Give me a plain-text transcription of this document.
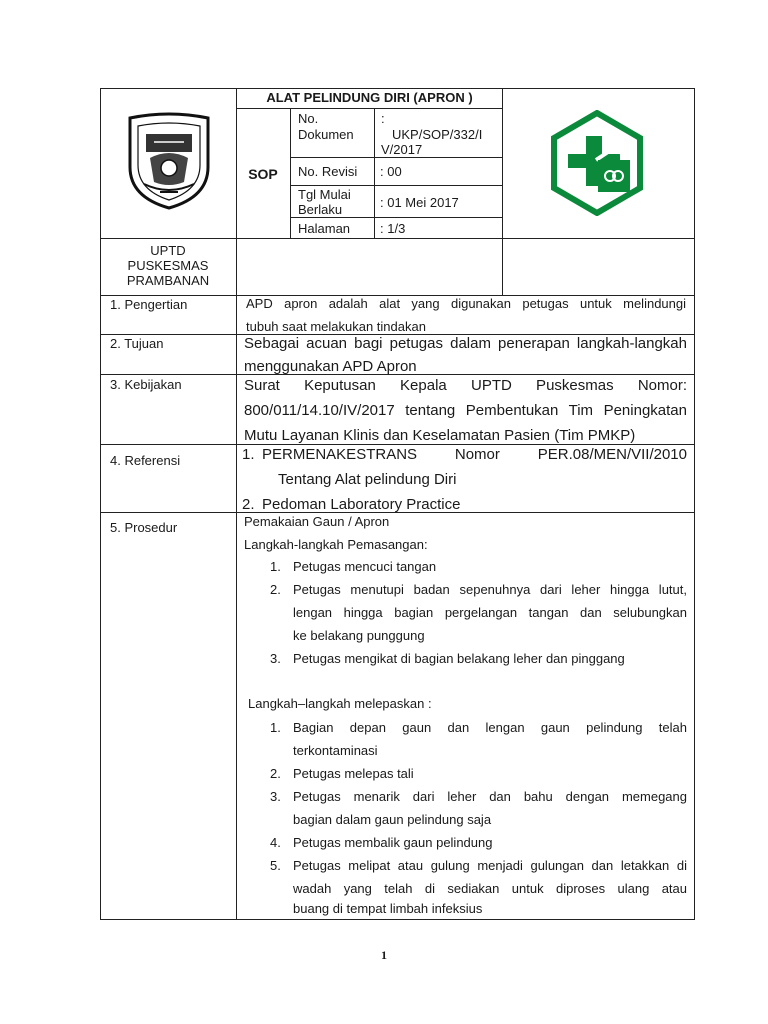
ALAT PELINDUNG DIRI (APRON )
SOP
No.
Dokumen
:
UKP/SOP/332/I
V/2017
No. Revisi : 00
Tgl Mulai
Berlaku	: 01 Mei 2017
Halaman : 1/3
UPTD
PUSKESMAS
PRAMBANAN
1. Pengertian
2. Tujuan
3. Kebijakan
4. Referensi
5. Prosedur
APD apron adalah alat yang digunakan petugas untuk melindungi
tubuh saat melakukan tindakan
Sebagai acuan bagi petugas dalam penerapan langkah-langkah
menggunakan APD Apron
Surat Keputusan Kepala UPTD Puskesmas Nomor:
800/011/14.10/IV/2017 tentang Pembentukan Tim Peningkatan
Mutu Layanan Klinis dan Keselamatan Pasien (Tim PMKP)
1. PERMENAKESTRANS Nomor PER.08/MEN/VII/2010
Tentang Alat pelindung Diri
2. Pedoman Laboratory Practice
Pemakaian Gaun / Apron
Langkah-langkah Pemasangan:
1. Petugas mencuci tangan
2. Petugas menutupi badan sepenuhnya dari leher hingga lutut,
lengan hingga bagian pergelangan tangan dan selubungkan
ke belakang punggung
3. Petugas mengikat di bagian belakang leher dan pinggang
Langkah–langkah melepaskan :
1. Bagian depan gaun dan lengan gaun pelindung telah
terkontaminasi
2. Petugas melepas tali
3. Petugas menarik dari leher dan bahu dengan memegang
bagian dalam gaun pelindung saja
4. Petugas membalik gaun pelindung
5. Petugas melipat atau gulung menjadi gulungan dan letakkan di
wadah yang telah di sediakan untuk diproses ulang atau
buang di tempat limbah infeksius
1
